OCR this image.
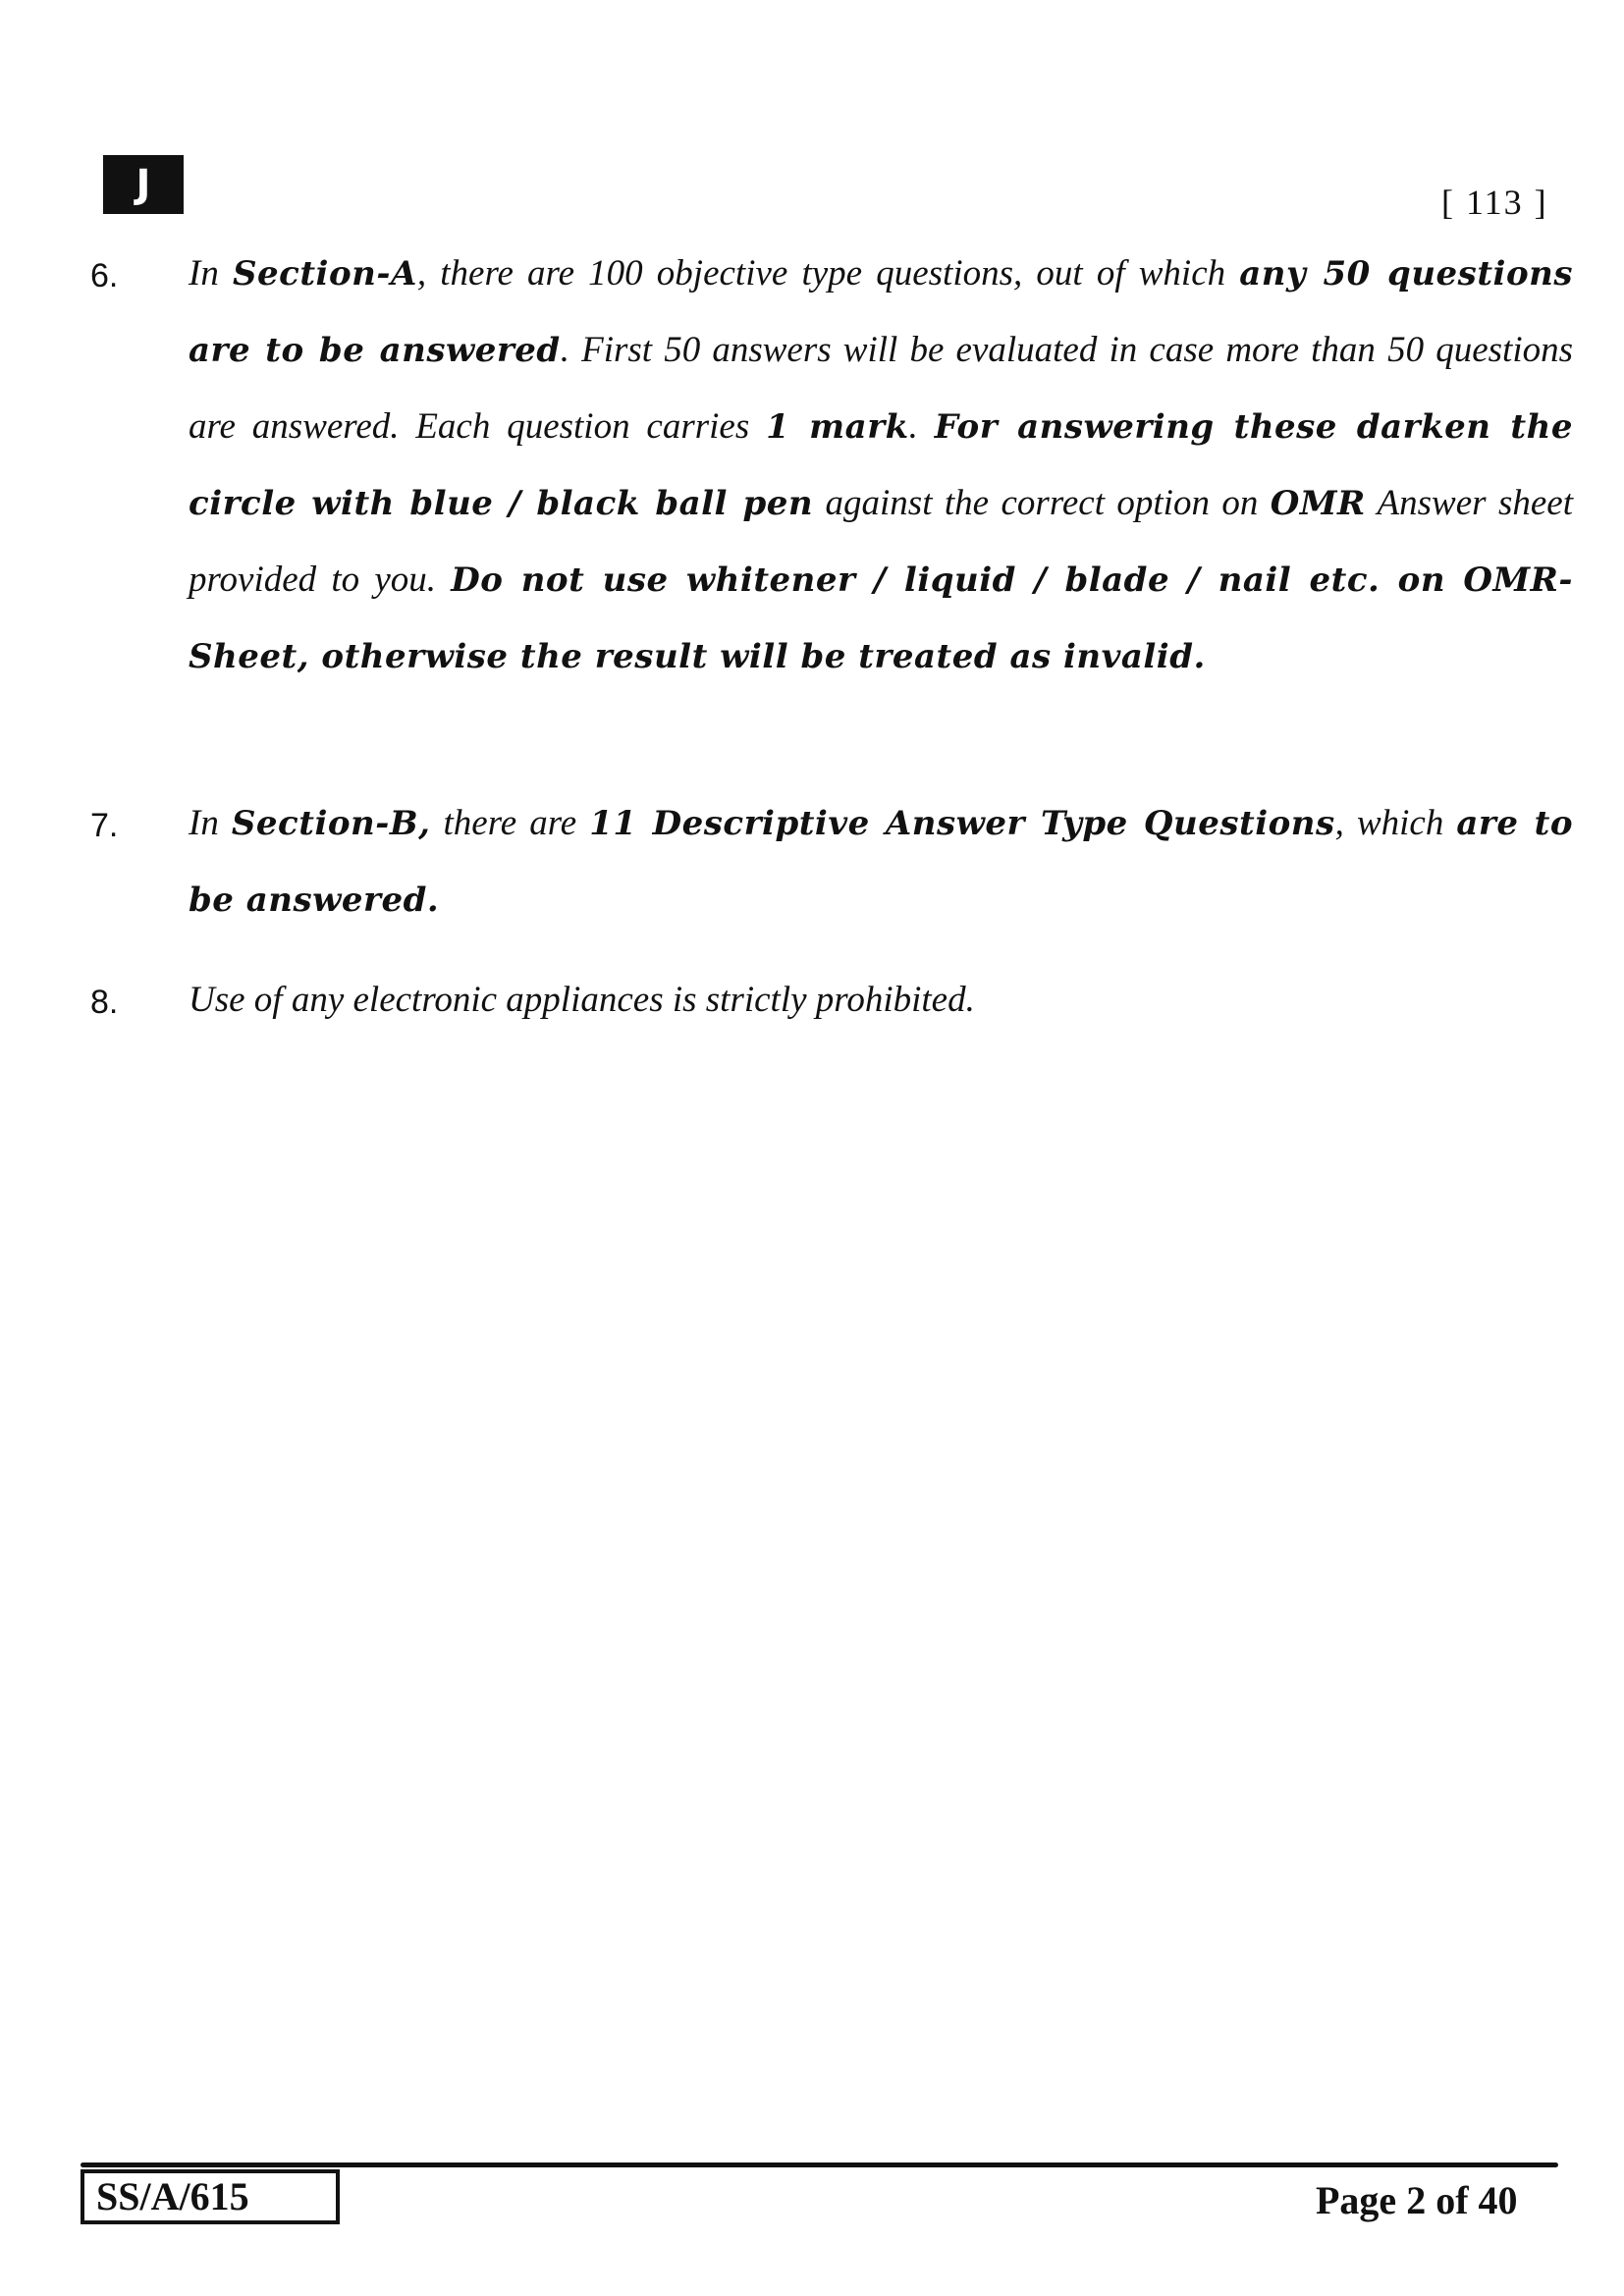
J	[ 113 ]
6. In Section-A, there are 100 objective type questions, out of which any 50 questions are to be answered. First 50 answers will be evaluated in case more than 50 questions are answered. Each question carries 1 mark. For answering these darken the circle with blue / black ball pen against the correct option on OMR Answer sheet provided to you. Do not use whitener / liquid / blade / nail etc. on OMR-Sheet, otherwise the result will be treated as invalid.
7. In Section-B, there are 11 Descriptive Answer Type Questions, which are to be answered.
8. Use of any electronic appliances is strictly prohibited.
SS/A/615	Page 2 of 40
